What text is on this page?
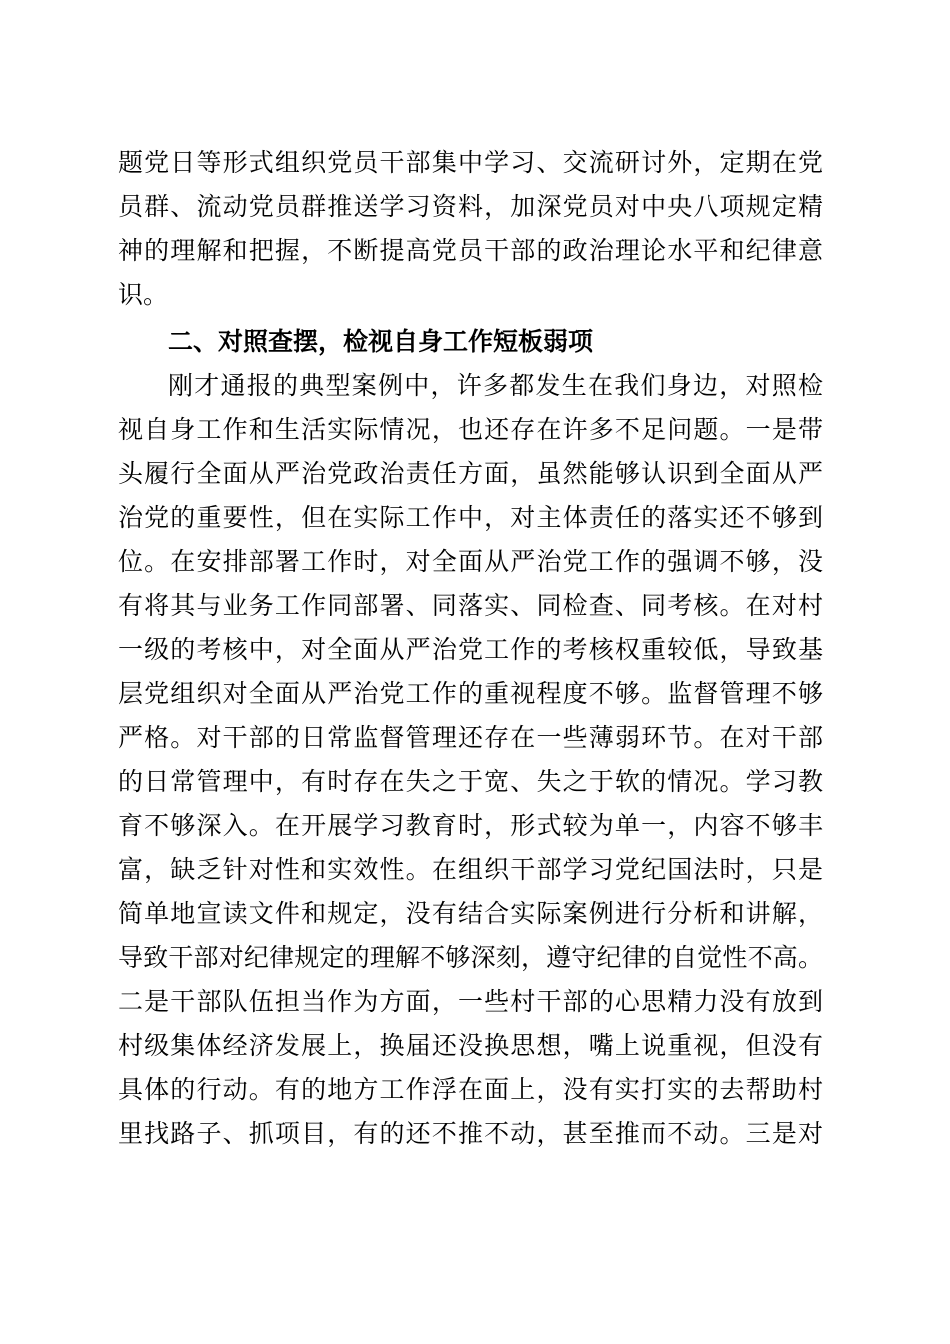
题党日等形式组织党员干部集中学习、交流研讨外，定期在党
员群、流动党员群推送学习资料，加深党员对中央八项规定精
神的理解和把握，不断提高党员干部的政治理论水平和纪律意
识。
二、对照查摆，检视自身工作短板弱项
刚才通报的典型案例中，许多都发生在我们身边，对照检
视自身工作和生活实际情况，也还存在许多不足问题。一是带
头履行全面从严治党政治责任方面，虽然能够认识到全面从严
治党的重要性，但在实际工作中，对主体责任的落实还不够到
位。在安排部署工作时，对全面从严治党工作的强调不够，没
有将其与业务工作同部署、同落实、同检查、同考核。在对村
一级的考核中，对全面从严治党工作的考核权重较低，导致基
层党组织对全面从严治党工作的重视程度不够。监督管理不够
严格。对干部的日常监督管理还存在一些薄弱环节。在对干部
的日常管理中，有时存在失之于宽、失之于软的情况。学习教
育不够深入。在开展学习教育时，形式较为单一，内容不够丰
富，缺乏针对性和实效性。在组织干部学习党纪国法时，只是
简单地宣读文件和规定，没有结合实际案例进行分析和讲解，
导致干部对纪律规定的理解不够深刻，遵守纪律的自觉性不高。
二是干部队伍担当作为方面，一些村干部的心思精力没有放到
村级集体经济发展上，换届还没换思想，嘴上说重视，但没有
具体的行动。有的地方工作浮在面上，没有实打实的去帮助村
里找路子、抓项目，有的还不推不动，甚至推而不动。三是对
